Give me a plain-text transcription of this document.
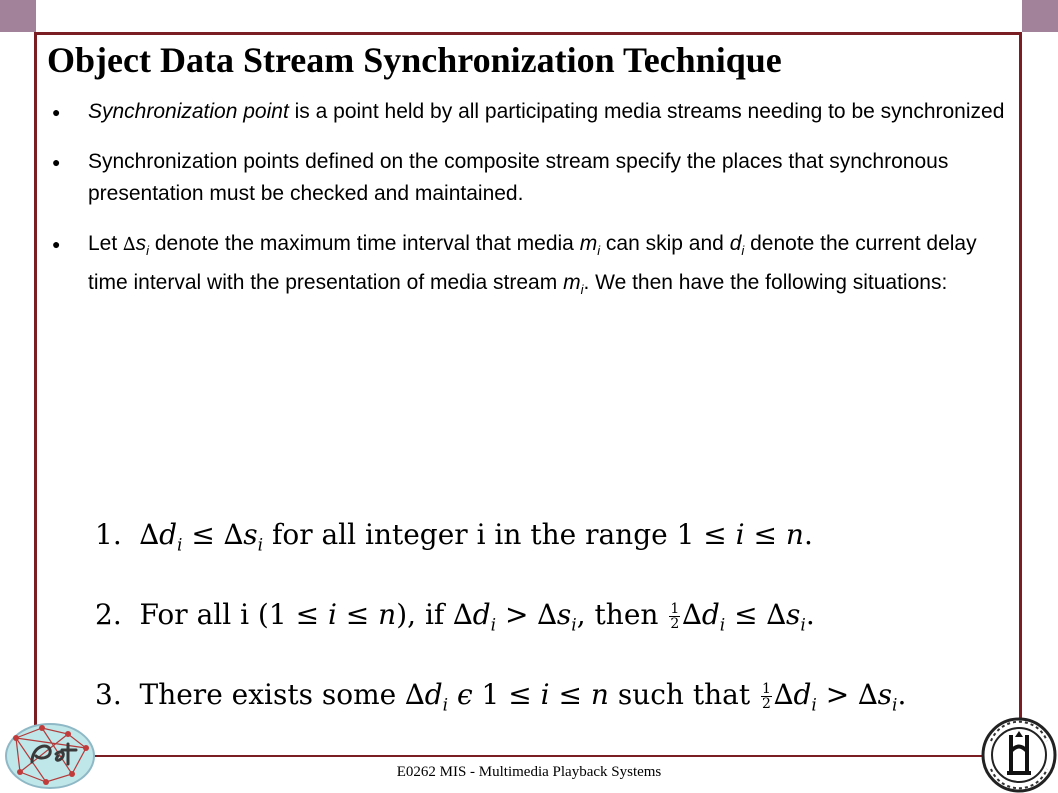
Object Data Stream Synchronization Technique
● Synchronization point is a point held by all participating media streams needing to be synchronized
● Synchronization points defined on the composite stream specify the places that synchronous presentation must be checked and maintained.
● Let $\Delta s_i$ denote the maximum time interval that media $m_i$ can skip and $d_i$ denote the current delay time interval with the presentation of media stream $m_i$. We then have the following situations:

1.  $\Delta d_i \le \Delta s_i$ for all integer i in the range 1 ≤ i ≤ n.

2. For all i (1 ≤ i ≤ n), if $\Delta d_i > \Delta s_i$, then $\frac{1}{2} \Delta d_i \le \Delta s_i$.

3. There exists some $\Delta d_i$ ϵ 1 ≤ i ≤ n such that $\frac{1}{2} \Delta d_i > \Delta s_i$.

E0262 MIS - Multimedia Playback Systems
